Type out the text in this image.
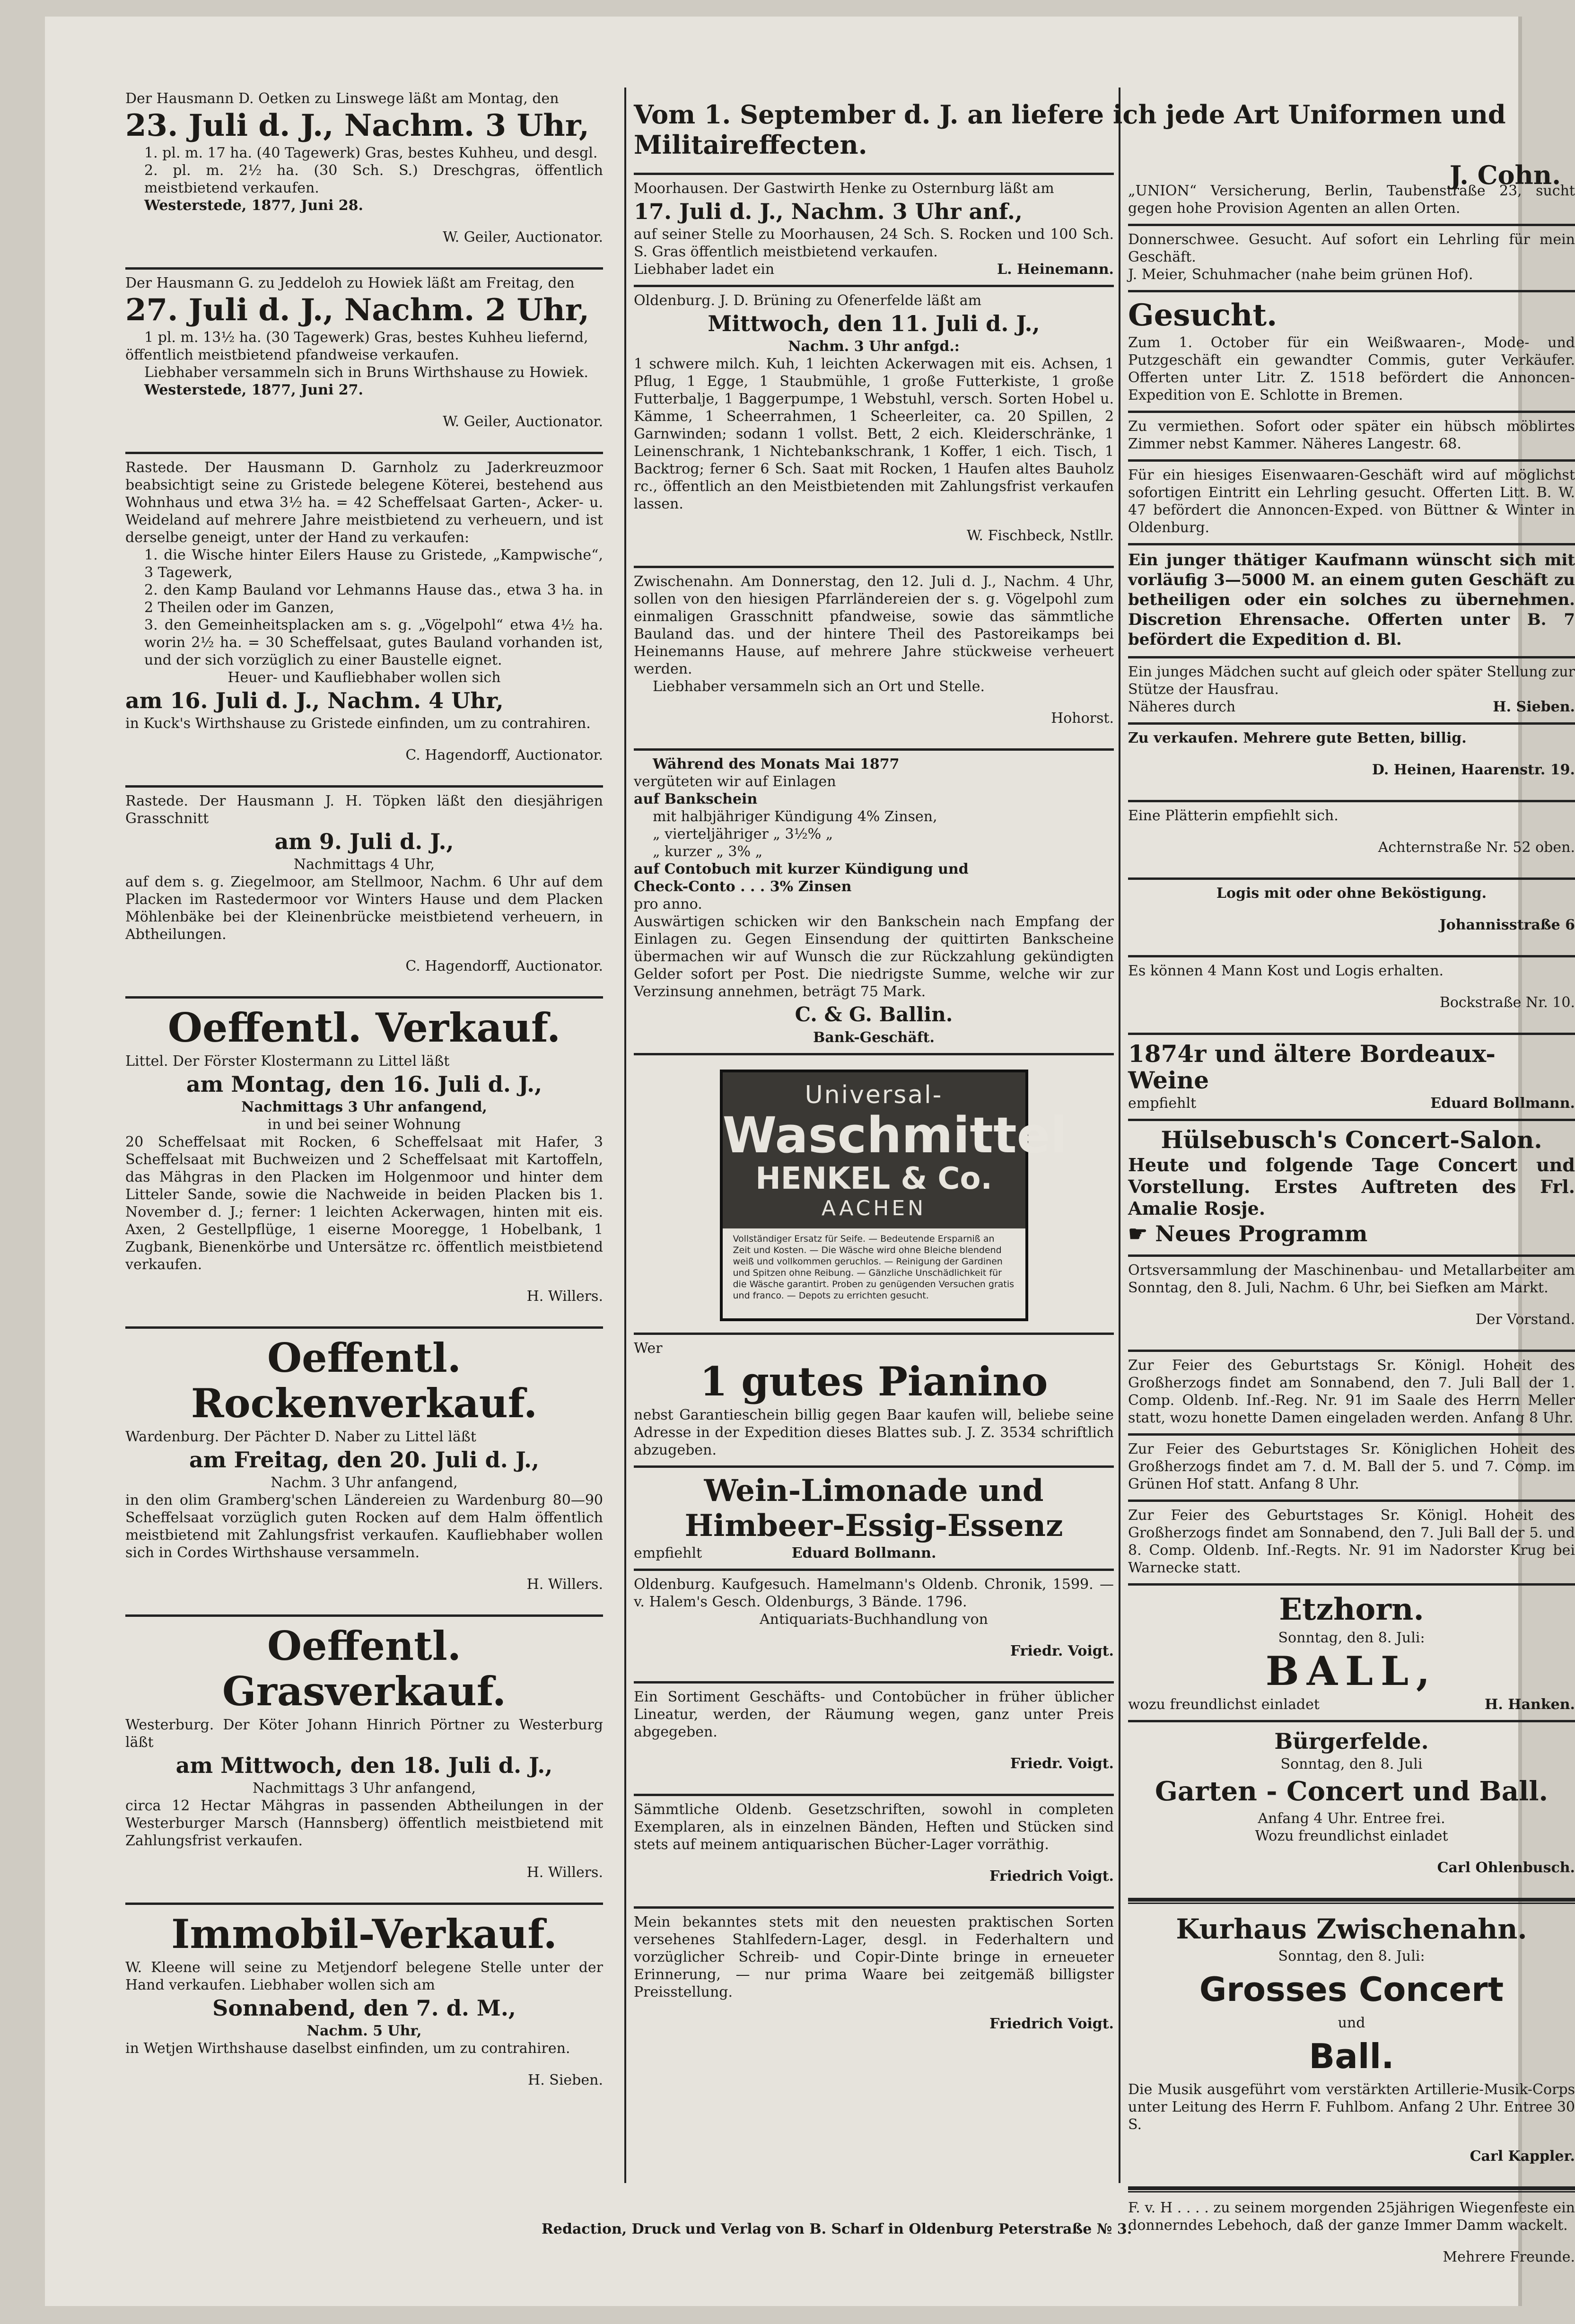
Der Hausmann D. Oetken zu Linswege läßt am Montag, den

23. Juli d. J., Nachm. 3 Uhr,

1. pl. m. 17 ha. (40 Tagewerk) Gras, bestes Kuhheu, und desgl.

2. pl. m. 2½ ha. (30 Sch. S.) Dreschgras, öffentlich meistbietend verkaufen.

Westerstede, 1877, Juni 28.

W. Geiler, Auctionator.

Der Hausmann G. zu Jeddeloh zu Howiek läßt am Freitag, den

27. Juli d. J., Nachm. 2 Uhr,

1 pl. m. 13½ ha. (30 Tagewerk) Gras, bestes Kuhheu liefernd,

öffentlich meistbietend pfandweise verkaufen.

Liebhaber versammeln sich in Bruns Wirthshause zu Howiek.

Westerstede, 1877, Juni 27.

W. Geiler, Auctionator.

Rastede. Der Hausmann D. Garnholz zu Jaderkreuzmoor beabsichtigt seine zu Gristede belegene Köterei, bestehend aus Wohnhaus und etwa 3½ ha. = 42 Scheffelsaat Garten-, Acker- u. Weideland auf mehrere Jahre meistbietend zu verheuern, und ist derselbe geneigt, unter der Hand zu verkaufen:

1. die Wische hinter Eilers Hause zu Gristede, „Kampwische“, 3 Tagewerk,

2. den Kamp Bauland vor Lehmanns Hause das., etwa 3 ha. in 2 Theilen oder im Ganzen,

3. den Gemeinheitsplacken am s. g. „Vögelpohl“ etwa 4½ ha. worin 2½ ha. = 30 Scheffelsaat, gutes Bauland vorhanden ist, und der sich vorzüglich zu einer Baustelle eignet.

Heuer- und Kaufliebhaber wollen sich

am 16. Juli d. J., Nachm. 4 Uhr,

in Kuck's Wirthshause zu Gristede einfinden, um zu contrahiren.

C. Hagendorff, Auctionator.

Rastede. Der Hausmann J. H. Töpken läßt den diesjährigen Grasschnitt

am 9. Juli d. J.,

Nachmittags 4 Uhr,

auf dem s. g. Ziegelmoor, am Stellmoor, Nachm. 6 Uhr auf dem Placken im Rastedermoor vor Winters Hause und dem Placken Möhlenbäke bei der Kleinenbrücke meistbietend verheuern, in Abtheilungen.

C. Hagendorff, Auctionator.

Oeffentl. Verkauf.

Littel. Der Förster Klostermann zu Littel läßt

am Montag, den 16. Juli d. J.,

Nachmittags 3 Uhr anfangend,

in und bei seiner Wohnung

20 Scheffelsaat mit Rocken, 6 Scheffelsaat mit Hafer, 3 Scheffelsaat mit Buchweizen und 2 Scheffelsaat mit Kartoffeln, das Mähgras in den Placken im Holgenmoor und hinter dem Litteler Sande, sowie die Nachweide in beiden Placken bis 1. November d. J.; ferner: 1 leichten Ackerwagen, hinten mit eis. Axen, 2 Gestellpflüge, 1 eiserne Mooregge, 1 Hobelbank, 1 Zugbank, Bienenkörbe und Untersätze rc. öffentlich meistbietend verkaufen.

H. Willers.

Oeffentl. Rockenverkauf.

Wardenburg. Der Pächter D. Naber zu Littel läßt

am Freitag, den 20. Juli d. J.,

Nachm. 3 Uhr anfangend,

in den olim Gramberg'schen Ländereien zu Wardenburg 80—90 Scheffelsaat vorzüglich guten Rocken auf dem Halm öffentlich meistbietend mit Zahlungsfrist verkaufen. Kaufliebhaber wollen sich in Cordes Wirthshause versammeln.

H. Willers.

Oeffentl. Grasverkauf.

Westerburg. Der Köter Johann Hinrich Pörtner zu Westerburg läßt

am Mittwoch, den 18. Juli d. J.,

Nachmittags 3 Uhr anfangend,

circa 12 Hectar Mähgras in passenden Abtheilungen in der Westerburger Marsch (Hannsberg) öffentlich meistbietend mit Zahlungsfrist verkaufen.

H. Willers.

Immobil-Verkauf.

W. Kleene will seine zu Metjendorf belegene Stelle unter der Hand verkaufen. Liebhaber wollen sich am

Sonnabend, den 7. d. M.,

Nachm. 5 Uhr,

in Wetjen Wirthshause daselbst einfinden, um zu contrahiren.

H. Sieben.

Vom 1. September d. J. an liefere ich jede Art Uniformen und Militaireffecten.
J. Cohn.

Moorhausen. Der Gastwirth Henke zu Osternburg läßt am

17. Juli d. J., Nachm. 3 Uhr anf.,

auf seiner Stelle zu Moorhausen, 24 Sch. S. Rocken und 100 Sch. S. Gras öffentlich meistbietend verkaufen.

Liebhaber ladet ein	L. Heinemann.

Oldenburg. J. D. Brüning zu Ofenerfelde läßt am

Mittwoch, den 11. Juli d. J.,

Nachm. 3 Uhr anfgd.:

1 schwere milch. Kuh, 1 leichten Ackerwagen mit eis. Achsen, 1 Pflug, 1 Egge, 1 Staubmühle, 1 große Futterkiste, 1 große Futterbalje, 1 Baggerpumpe, 1 Webstuhl, versch. Sorten Hobel u. Kämme, 1 Scheerrahmen, 1 Scheerleiter, ca. 20 Spillen, 2 Garnwinden; sodann 1 vollst. Bett, 2 eich. Kleiderschränke, 1 Leinenschrank, 1 Nichtebankschrank, 1 Koffer, 1 eich. Tisch, 1 Backtrog; ferner 6 Sch. Saat mit Rocken, 1 Haufen altes Bauholz rc., öffentlich an den Meistbietenden mit Zahlungsfrist verkaufen lassen.

W. Fischbeck, Nstllr.

Zwischenahn. Am Donnerstag, den 12. Juli d. J., Nachm. 4 Uhr, sollen von den hiesigen Pfarrländereien der s. g. Vögelpohl zum einmaligen Grasschnitt pfandweise, sowie das sämmtliche Bauland das. und der hintere Theil des Pastoreikamps bei Heinemanns Hause, auf mehrere Jahre stückweise verheuert werden.

Liebhaber versammeln sich an Ort und Stelle.

Hohorst.

Während des Monats Mai 1877

vergüteten wir auf Einlagen

auf Bankschein

mit halbjähriger Kündigung 4% Zinsen,

„ vierteljähriger „ 3½% „

„ kurzer „ 3% „

auf Contobuch mit kurzer Kündigung und

Check-Conto . . . 3% Zinsen

pro anno.

Auswärtigen schicken wir den Bankschein nach Empfang der Einlagen zu. Gegen Einsendung der quittirten Bankscheine übermachen wir auf Wunsch die zur Rückzahlung gekündigten Gelder sofort per Post. Die niedrigste Summe, welche wir zur Verzinsung annehmen, beträgt 75 Mark.

C. & G. Ballin.

Bank-Geschäft.

Universal-
Waschmittel
HENKEL & Co.
AACHEN
Vollständiger Ersatz für Seife. — Bedeutende Ersparniß an Zeit und Kosten. — Die Wäsche wird ohne Bleiche blendend weiß und vollkommen geruchlos. — Reinigung der Gardinen und Spitzen ohne Reibung. — Gänzliche Unschädlichkeit für die Wäsche garantirt. Proben zu genügenden Versuchen gratis und franco. — Depots zu errichten gesucht.

Wer

1 gutes Pianino

nebst Garantieschein billig gegen Baar kaufen will, beliebe seine Adresse in der Expedition dieses Blattes sub. J. Z. 3534 schriftlich abzugeben.

Wein-Limonade und Himbeer-Essig-Essenz

empfiehlt	Eduard Bollmann.

Oldenburg. Kaufgesuch. Hamelmann's Oldenb. Chronik, 1599. — v. Halem's Gesch. Oldenburgs, 3 Bände. 1796.

Antiquariats-Buchhandlung von

Friedr. Voigt.

Ein Sortiment Geschäfts- und Contobücher in früher üblicher Lineatur, werden, der Räumung wegen, ganz unter Preis abgegeben.

Friedr. Voigt.

Sämmtliche Oldenb. Gesetzschriften, sowohl in completen Exemplaren, als in einzelnen Bänden, Heften und Stücken sind stets auf meinem antiquarischen Bücher-Lager vorräthig.

Friedrich Voigt.

Mein bekanntes stets mit den neuesten praktischen Sorten versehenes Stahlfedern-Lager, desgl. in Federhaltern und vorzüglicher Schreib- und Copir-Dinte bringe in erneueter Erinnerung, — nur prima Waare bei zeitgemäß billigster Preisstellung.

Friedrich Voigt.

„UNION“ Versicherung, Berlin, Taubenstraße 23, sucht gegen hohe Provision Agenten an allen Orten.

Donnerschwee. Gesucht. Auf sofort ein Lehrling für mein Geschäft.

J. Meier, Schuhmacher (nahe beim grünen Hof).

Gesucht.

Zum 1. October für ein Weißwaaren-, Mode- und Putzgeschäft ein gewandter Commis, guter Verkäufer. Offerten unter Litr. Z. 1518 befördert die Annoncen-Expedition von E. Schlotte in Bremen.

Zu vermiethen. Sofort oder später ein hübsch möblirtes Zimmer nebst Kammer. Näheres Langestr. 68.

Für ein hiesiges Eisenwaaren-Geschäft wird auf möglichst sofortigen Eintritt ein Lehrling gesucht. Offerten Litt. B. W. 47 befördert die Annoncen-Exped. von Büttner & Winter in Oldenburg.

Ein junger thätiger Kaufmann wünscht sich mit vorläufig 3—5000 M. an einem guten Geschäft zu betheiligen oder ein solches zu übernehmen. Discretion Ehrensache. Offerten unter B. 7 befördert die Expedition d. Bl.

Ein junges Mädchen sucht auf gleich oder später Stellung zur Stütze der Hausfrau.

Näheres durch	H. Sieben.

Zu verkaufen. Mehrere gute Betten, billig.

D. Heinen, Haarenstr. 19.

Eine Plätterin empfiehlt sich.

Achternstraße Nr. 52 oben.

Logis mit oder ohne Beköstigung.

Johannisstraße 6

Es können 4 Mann Kost und Logis erhalten.

Bockstraße Nr. 10.

1874r und ältere Bordeaux-Weine

empfiehlt	Eduard Bollmann.

Hülsebusch's Concert-Salon.

Heute und folgende Tage Concert und Vorstellung. Erstes Auftreten des Frl. Amalie Rosje.

☛ Neues Programm

Ortsversammlung der Maschinenbau- und Metallarbeiter am Sonntag, den 8. Juli, Nachm. 6 Uhr, bei Siefken am Markt.

Der Vorstand.

Zur Feier des Geburtstags Sr. Königl. Hoheit des Großherzogs findet am Sonnabend, den 7. Juli Ball der 1. Comp. Oldenb. Inf.-Reg. Nr. 91 im Saale des Herrn Meller statt, wozu honette Damen eingeladen werden. Anfang 8 Uhr.

Zur Feier des Geburtstages Sr. Königlichen Hoheit des Großherzogs findet am 7. d. M. Ball der 5. und 7. Comp. im Grünen Hof statt. Anfang 8 Uhr.

Zur Feier des Geburtstages Sr. Königl. Hoheit des Großherzogs findet am Sonnabend, den 7. Juli Ball der 5. und 8. Comp. Oldenb. Inf.-Regts. Nr. 91 im Nadorster Krug bei Warnecke statt.

Etzhorn.

Sonntag, den 8. Juli:

BALL,

wozu freundlichst einladet	H. Hanken.

Bürgerfelde.

Sonntag, den 8. Juli

Garten - Concert und Ball.

Anfang 4 Uhr. Entree frei.

Wozu freundlichst einladet

Carl Ohlenbusch.

Kurhaus Zwischenahn.

Sonntag, den 8. Juli:

Grosses Concert

und

Ball.

Die Musik ausgeführt vom verstärkten Artillerie-Musik-Corps unter Leitung des Herrn F. Fuhlbom. Anfang 2 Uhr. Entree 30 S.

Carl Kappler.

F. v. H . . . . zu seinem morgenden 25jährigen Wiegenfeste ein donnerndes Lebehoch, daß der ganze Immer Damm wackelt.

Mehrere Freunde.

Redaction, Druck und Verlag von B. Scharf in Oldenburg Peterstraße № 3.
